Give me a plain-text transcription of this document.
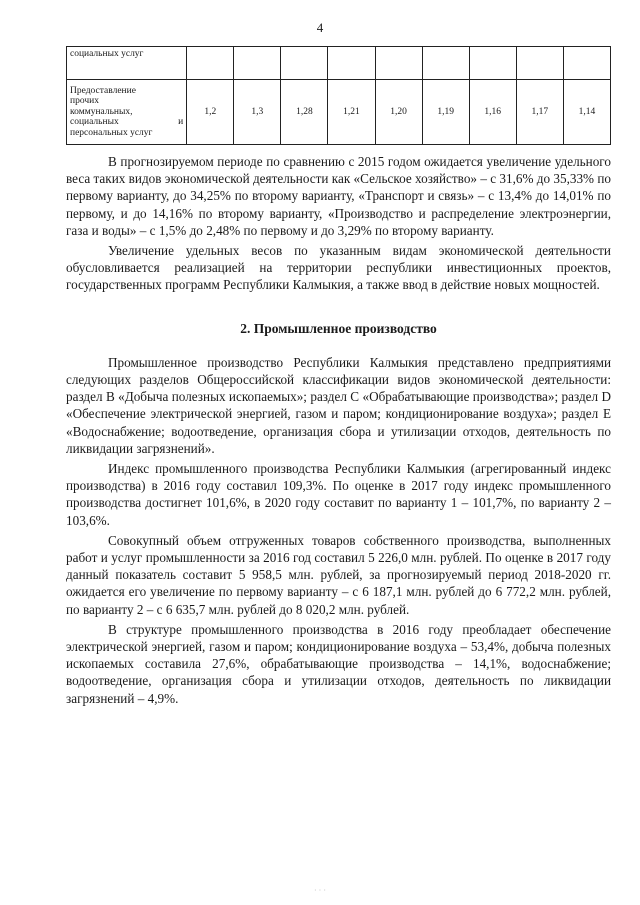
4
социальных услуг									

Предоставление
прочих
коммунальных,
социальных и
персональных услуг	1,2	1,3	1,28	1,21	1,20	1,19	1,16	1,17	1,14

В прогнозируемом периоде по сравнению с 2015 годом ожидается увеличение удельного веса таких видов экономической деятельности как «Сельское хозяйство» – с 31,6% до 35,33% по первому варианту, до 34,25% по второму варианту, «Транспорт и связь» – с 13,4% до 14,01% по первому, и до 14,16% по второму варианту, «Производство и распределение электроэнергии, газа и воды» – с 1,5% до 2,48% по первому и до 3,29% по второму варианту.

Увеличение удельных весов по указанным видам экономической деятельности обусловливается реализацией на территории республики инвестиционных проектов, государственных программ Республики Калмыкия, а также ввод в действие новых мощностей.

2. Промышленное производство

Промышленное производство Республики Калмыкия представлено предприятиями следующих разделов Общероссийской классификации видов экономической деятельности: раздел B «Добыча полезных ископаемых»; раздел C «Обрабатывающие производства»; раздел D «Обеспечение электрической энергией, газом и паром; кондиционирование воздуха»; раздел E «Водоснабжение; водоотведение, организация сбора и утилизации отходов, деятельность по ликвидации загрязнений».

Индекс промышленного производства Республики Калмыкия (агрегированный индекс производства) в 2016 году составил 109,3%. По оценке в 2017 году индекс промышленного производства достигнет 101,6%, в 2020 году составит по варианту 1 – 101,7%, по варианту 2 – 103,6%.

Совокупный объем отгруженных товаров собственного производства, выполненных работ и услуг промышленности за 2016 год составил 5 226,0 млн. рублей. По оценке в 2017 году данный показатель составит 5 958,5 млн. рублей, за прогнозируемый период 2018-2020 гг. ожидается его увеличение по первому варианту – с 6 187,1 млн. рублей до 6 772,2 млн. рублей, по варианту 2 – с 6 635,7 млн. рублей до 8 020,2 млн. рублей.

В структуре промышленного производства в 2016 году преобладает обеспечение электрической энергией, газом и паром; кондиционирование воздуха – 53,4%, добыча полезных ископаемых составила 27,6%, обрабатывающие производства – 14,1%, водоснабжение; водоотведение, организация сбора и утилизации отходов, деятельность по ликвидации загрязнений – 4,9%.

· · ·
